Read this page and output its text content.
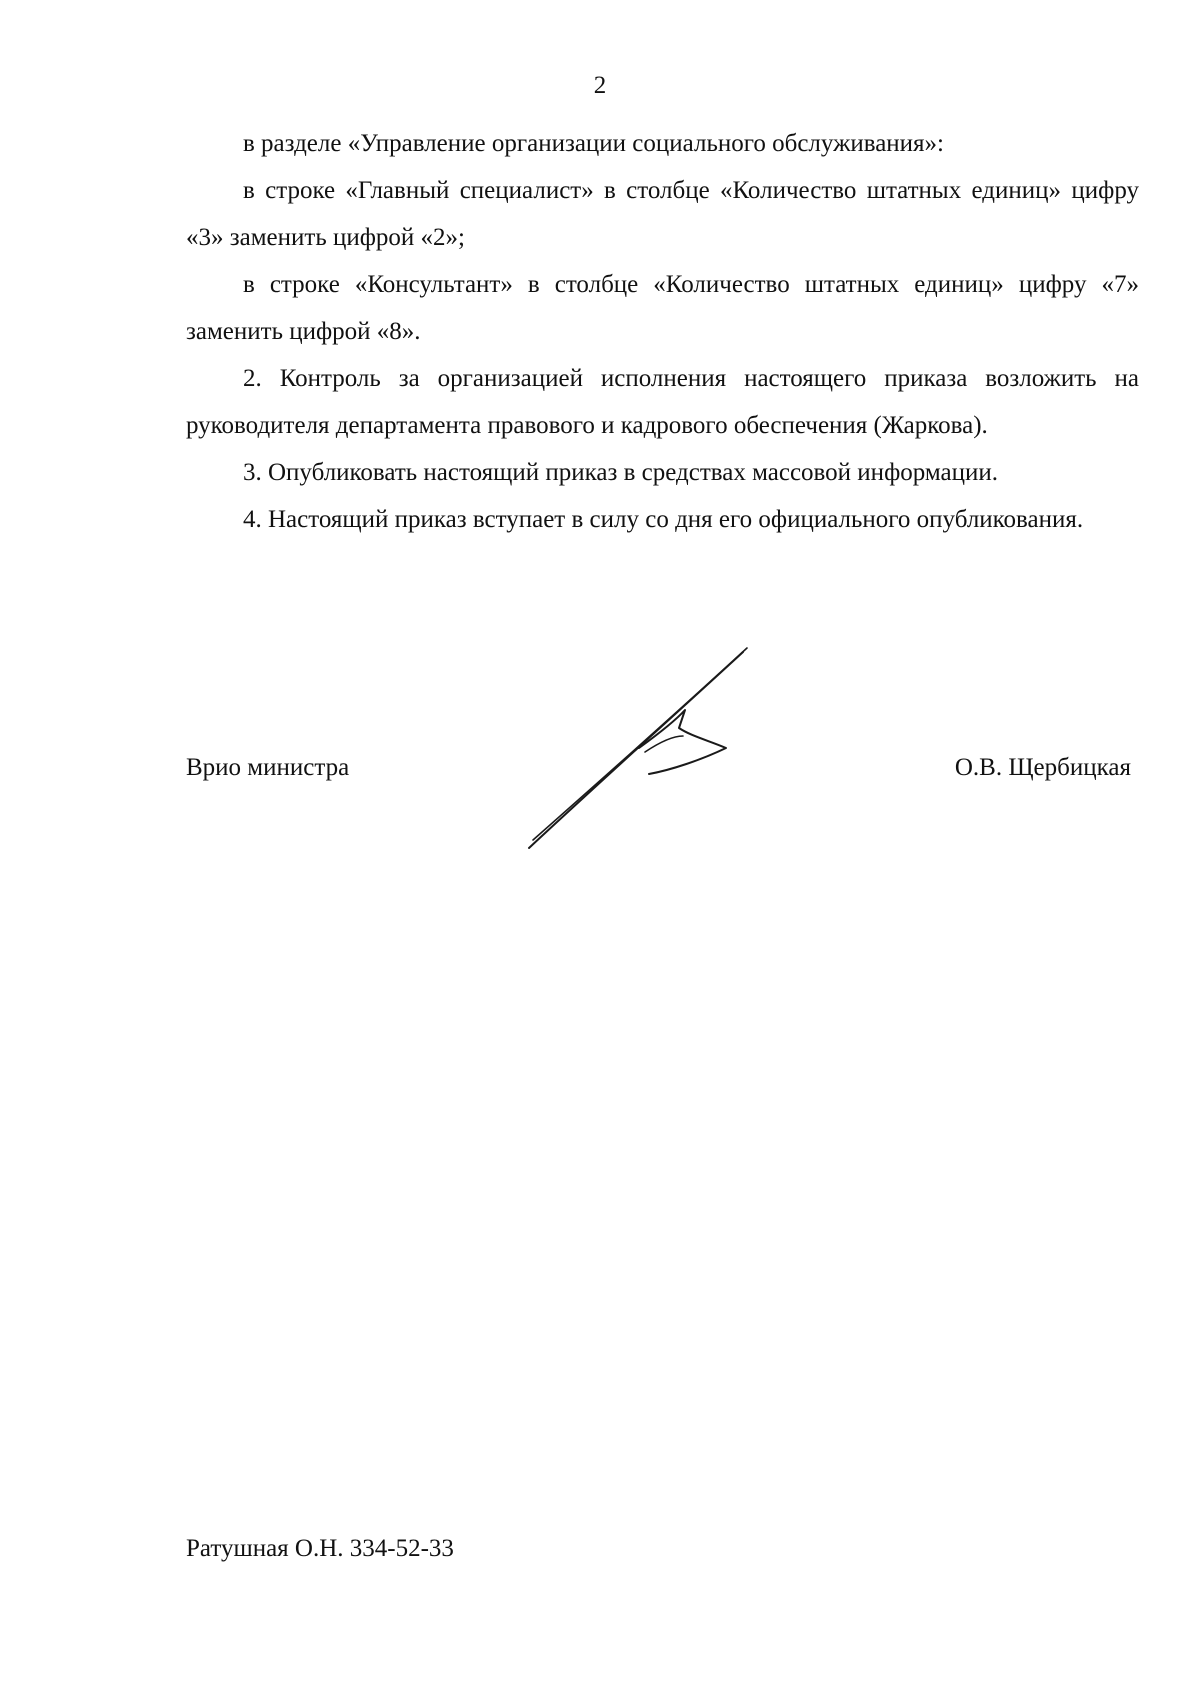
2

в разделе «Управление организации социального обслуживания»:

в строке «Главный специалист» в столбце «Количество штатных единиц» цифру «3» заменить цифрой «2»;

в строке «Консультант» в столбце «Количество штатных единиц» цифру «7» заменить цифрой «8».

2. Контроль за организацией исполнения настоящего приказа возложить на руководителя департамента правового и кадрового обеспечения (Жаркова).

3. Опубликовать настоящий приказ в средствах массовой информации.

4. Настоящий приказ вступает в силу со дня его официального опубликования.

Врио министра	О.В. Щербицкая

Ратушная О.Н. 334-52-33
